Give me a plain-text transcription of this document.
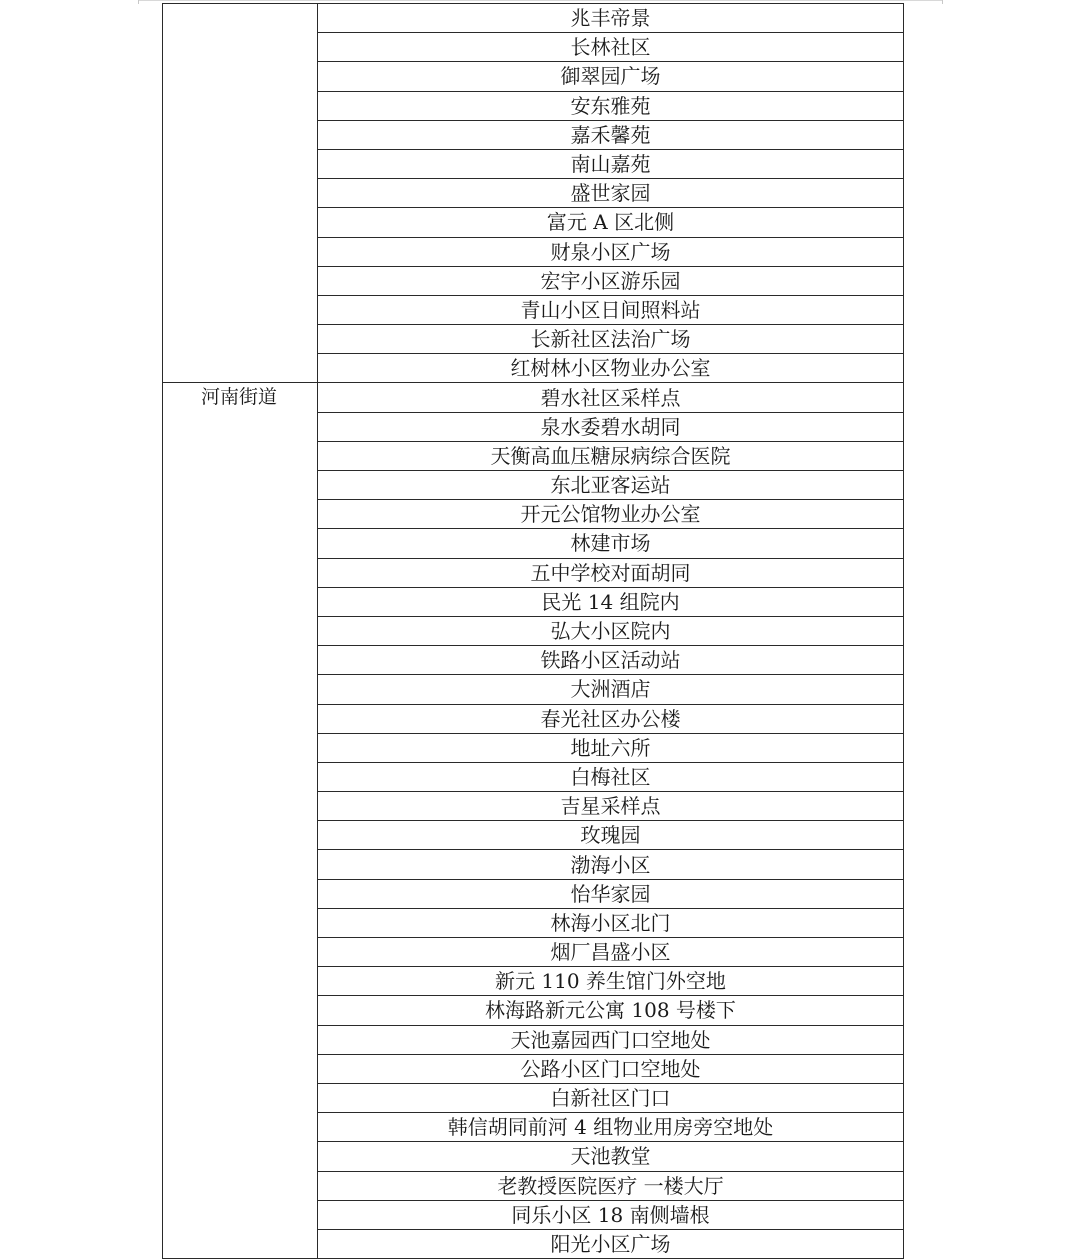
	兆丰帝景
	长林社区
	御翠园广场
	安东雅苑
	嘉禾馨苑
	南山嘉苑
	盛世家园
	富元 A 区北侧
	财泉小区广场
	宏宇小区游乐园
	青山小区日间照料站
	长新社区法治广场
	红树林小区物业办公室
河南街道	碧水社区采样点
	泉水委碧水胡同
	天衡高血压糖尿病综合医院
	东北亚客运站
	开元公馆物业办公室
	林建市场
	五中学校对面胡同
	民光 14 组院内
	弘大小区院内
	铁路小区活动站
	大洲酒店
	春光社区办公楼
	地址六所
	白梅社区
	吉星采样点
	玫瑰园
	渤海小区
	怡华家园
	林海小区北门
	烟厂昌盛小区
	新元 110 养生馆门外空地
	林海路新元公寓 108 号楼下
	天池嘉园西门口空地处
	公路小区门口空地处
	白新社区门口
	韩信胡同前河 4 组物业用房旁空地处
	天池教堂
	老教授医院医疗 一楼大厅
	同乐小区 18 南侧墙根
	阳光小区广场
